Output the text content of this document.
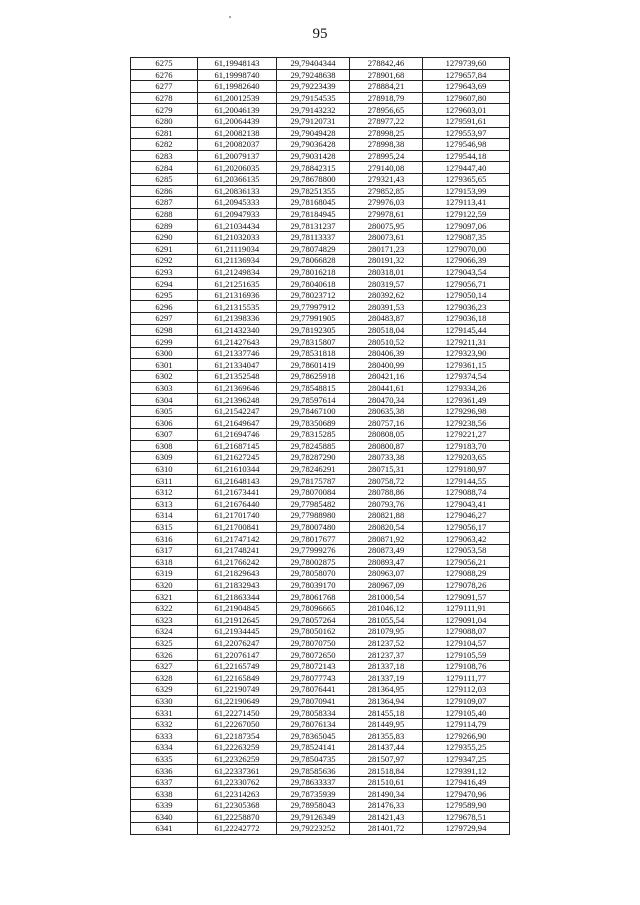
95
6275	61,19948143	29,79404344	278842,46	1279739,60
6276	61,19998740	29,79248638	278901,68	1279657,84
6277	61,19982640	29,79223439	278884,21	1279643,69
6278	61,20012539	29,79154535	278918,79	1279607,80
6279	61,20046139	29,79143232	278956,65	1279603,01
6280	61,20064439	29,79120731	278977,22	1279591,61
6281	61,20082138	29,79049428	278998,25	1279553,97
6282	61,20082037	29,79036428	278998,38	1279546,98
6283	61,20079137	29,79031428	278995,24	1279544,18
6284	61,20206035	29,78842315	279140,08	1279447,40
6285	61,20366135	29,78678800	279321,43	1279365,65
6286	61,20836133	29,78251355	279852,85	1279153,99
6287	61,20945333	29,78168045	279976,03	1279113,41
6288	61,20947933	29,78184945	279978,61	1279122,59
6289	61,21034434	29,78131237	280075,95	1279097,06
6290	61,21032033	29,78113337	280073,61	1279087,35
6291	61,21119034	29,78074829	280171,23	1279070,00
6292	61,21136934	29,78066828	280191,32	1279066,39
6293	61,21249834	29,78016218	280318,01	1279043,54
6294	61,21251635	29,78040618	280319,57	1279056,71
6295	61,21316936	29,78023712	280392,62	1279050,14
6296	61,21315535	29,77997912	280391,53	1279036,23
6297	61,21398336	29,77991905	280483,87	1279036,18
6298	61,21432340	29,78192305	280518,04	1279145,44
6299	61,21427643	29,78315807	280510,52	1279211,31
6300	61,21337746	29,78531818	280406,39	1279323,90
6301	61,21334047	29,78601419	280400,99	1279361,15
6302	61,21352548	29,78625918	280421,16	1279374,54
6303	61,21369646	29,78548815	280441,61	1279334,26
6304	61,21396248	29,78597614	280470,34	1279361,49
6305	61,21542247	29,78467100	280635,38	1279296,98
6306	61,21649647	29,78350689	280757,16	1279238,56
6307	61,21694746	29,78315285	280808,05	1279221,27
6308	61,21687145	29,78245885	280800,87	1279183,70
6309	61,21627245	29,78287290	280733,38	1279203,65
6310	61,21610344	29,78246291	280715,31	1279180,97
6311	61,21648143	29,78175787	280758,72	1279144,55
6312	61,21673441	29,78070084	280788,86	1279088,74
6313	61,21676440	29,77985482	280793,76	1279043,41
6314	61,21701740	29,77988980	280821,88	1279046,27
6315	61,21700841	29,78007480	280820,54	1279056,17
6316	61,21747142	29,78017677	280871,92	1279063,42
6317	61,21748241	29,77999276	280873,49	1279053,58
6318	61,21766242	29,78002875	280893,47	1279056,21
6319	61,21829643	29,78058070	280963,07	1279088,29
6320	61,21832943	29,78039170	280967,09	1279078,26
6321	61,21863344	29,78061768	281000,54	1279091,57
6322	61,21904845	29,78096665	281046,12	1279111,91
6323	61,21912645	29,78057264	281055,54	1279091,04
6324	61,21934445	29,78050162	281079,95	1279088,07
6325	61,22076247	29,78070750	281237,52	1279104,57
6326	61,22076147	29,78072650	281237,37	1279105,59
6327	61,22165749	29,78072143	281337,18	1279108,76
6328	61,22165849	29,78077743	281337,19	1279111,77
6329	61,22190749	29,78076441	281364,95	1279112,03
6330	61,22190649	29,78070941	281364,94	1279109,07
6331	61,22271450	29,78058334	281455,18	1279105,40
6332	61,22267050	29,78076134	281449,95	1279114,79
6333	61,22187354	29,78365045	281355,83	1279266,90
6334	61,22263259	29,78524141	281437,44	1279355,25
6335	61,22326259	29,78504735	281507,97	1279347,25
6336	61,22337361	29,78585636	281518,84	1279391,12
6337	61,22330762	29,78633337	281510,61	1279416,49
6338	61,22314263	29,78735939	281490,34	1279470,96
6339	61,22305368	29,78958043	281476,33	1279589,90
6340	61,22258870	29,79126349	281421,43	1279678,51
6341	61,22242772	29,79223252	281401,72	1279729,94
